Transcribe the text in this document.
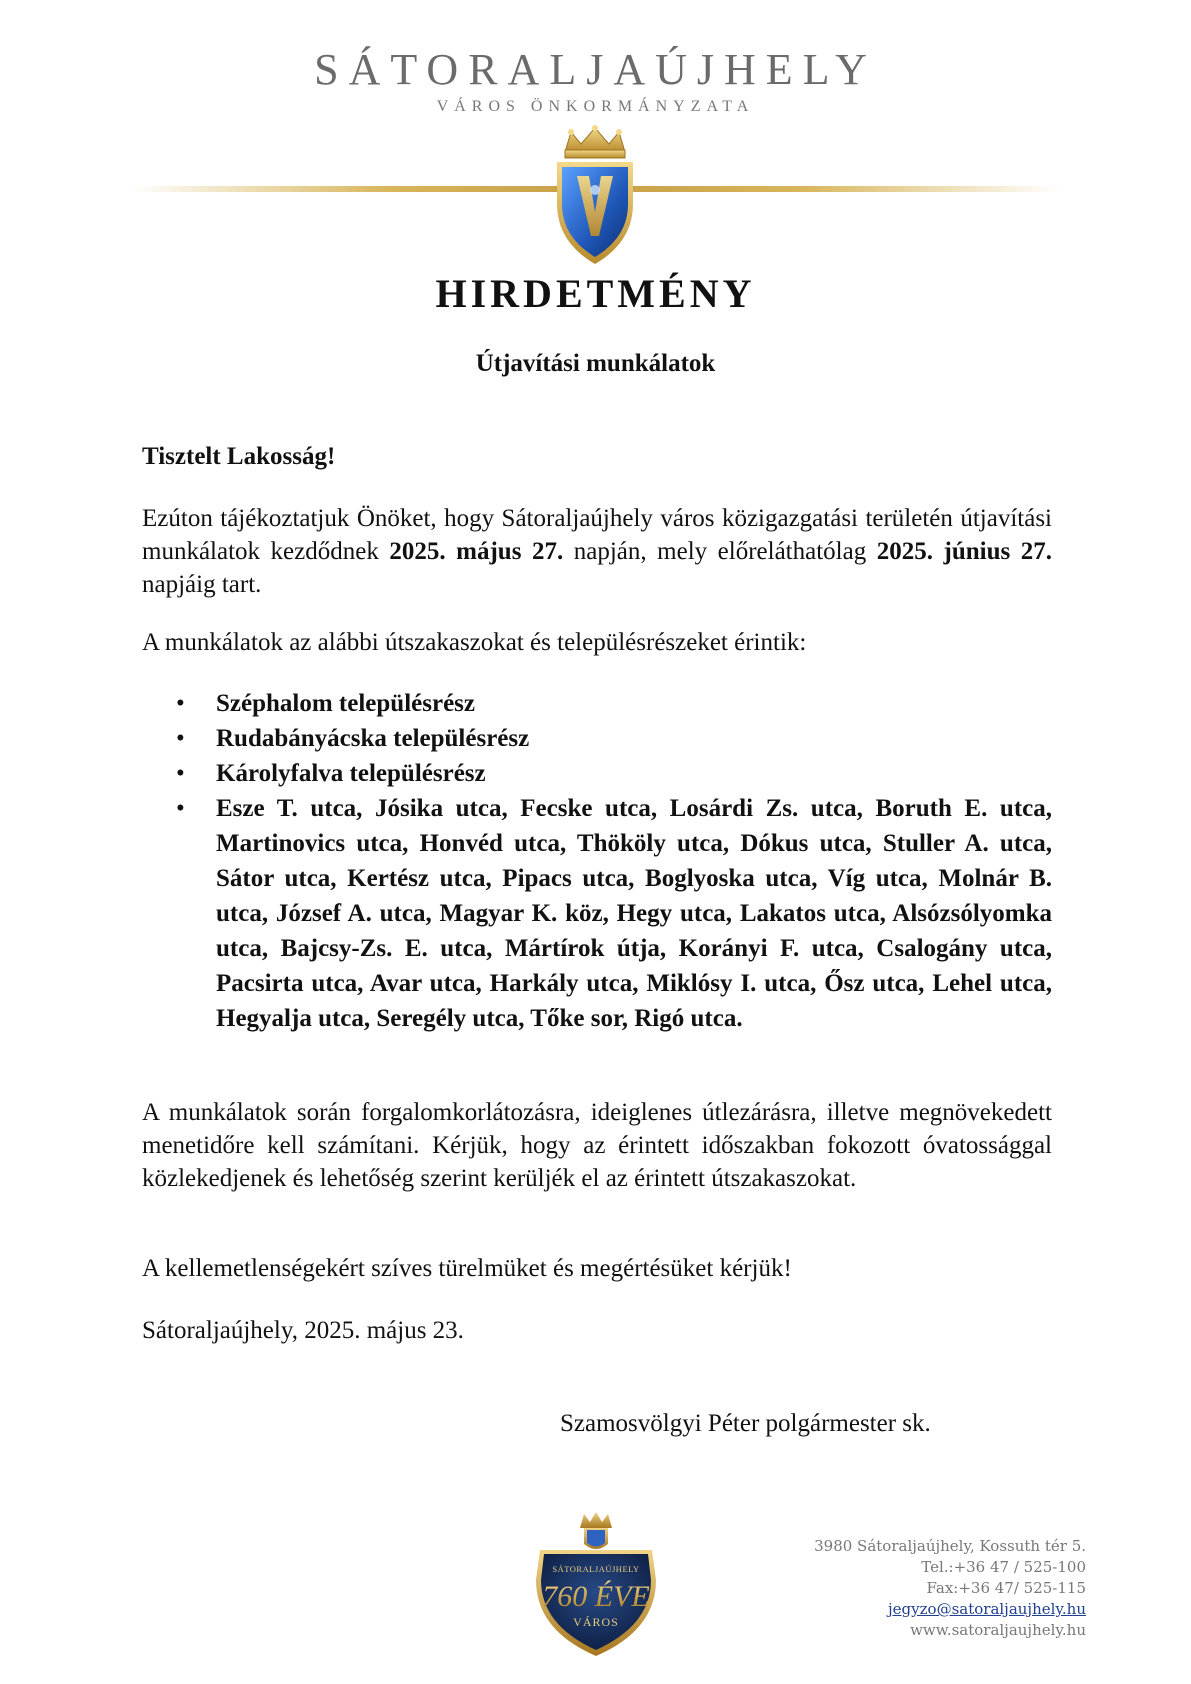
SÁTORALJAÚJHELY
VÁROS ÖNKORMÁNYZATA
HIRDETMÉNY
Útjavítási munkálatok
Tisztelt Lakosság!
Ezúton tájékoztatjuk Önöket, hogy Sátoraljaújhely város közigazgatási területén útjavítási munkálatok kezdődnek 2025. május 27. napján, mely előreláthatólag 2025. június 27. napjáig tart.
A munkálatok az alábbi útszakaszokat és településrészeket érintik:
• Széphalom településrész
• Rudabányácska településrész
• Károlyfalva településrész
• Esze T. utca, Jósika utca, Fecske utca, Losárdi Zs. utca, Boruth E. utca, Martinovics utca, Honvéd utca, Thököly utca, Dókus utca, Stuller A. utca, Sátor utca, Kertész utca, Pipacs utca, Boglyoska utca, Víg utca, Molnár B. utca, József A. utca, Magyar K. köz, Hegy utca, Lakatos utca, Alsózsólyomka utca, Bajcsy-Zs. E. utca, Mártírok útja, Korányi F. utca, Csalogány utca, Pacsirta utca, Avar utca, Harkály utca, Miklósy I. utca, Ősz utca, Lehel utca, Hegyalja utca, Seregély utca, Tőke sor, Rigó utca.
A munkálatok során forgalomkorlátozásra, ideiglenes útlezárásra, illetve megnövekedett menetidőre kell számítani. Kérjük, hogy az érintett időszakban fokozott óvatossággal közlekedjenek és lehetőség szerint kerüljék el az érintett útszakaszokat.
A kellemetlenségekért szíves türelmüket és megértésüket kérjük!
Sátoraljaújhely, 2025. május 23.
Szamosvölgyi Péter polgármester sk.
SÁTORALJAÚJHELY
760 ÉVE
VÁROS
3980 Sátoraljaújhely, Kossuth tér 5.
Tel.:+36 47 / 525-100
Fax:+36 47/ 525-115
jegyzo@satoraljaujhely.hu
www.satoraljaujhely.hu
